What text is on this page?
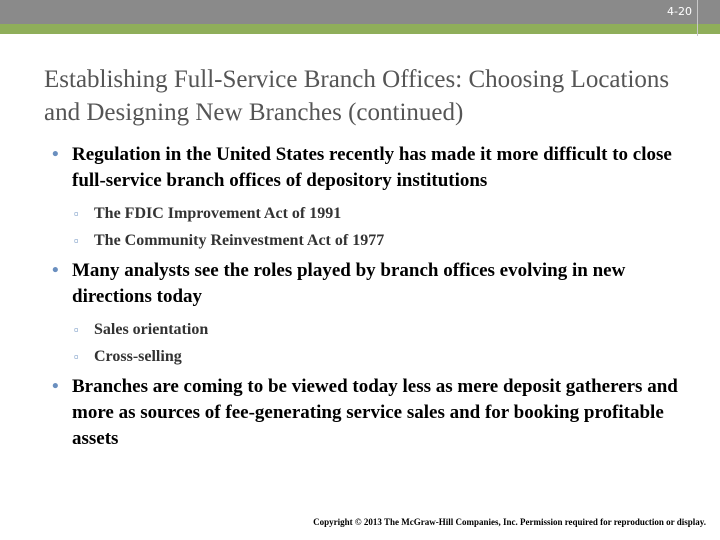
4-20
Establishing Full-Service Branch Offices: Choosing Locations and Designing New Branches (continued)
• Regulation in the United States recently has made it more difficult to close full-service branch offices of depository institutions
▫ The FDIC Improvement Act of 1991
▫ The Community Reinvestment Act of 1977
• Many analysts see the roles played by branch offices evolving in new directions today
▫ Sales orientation
▫ Cross-selling
• Branches are coming to be viewed today less as mere deposit gatherers and more as sources of fee-generating service sales and for booking profitable assets
Copyright © 2013 The McGraw-Hill Companies, Inc. Permission required for reproduction or display.
